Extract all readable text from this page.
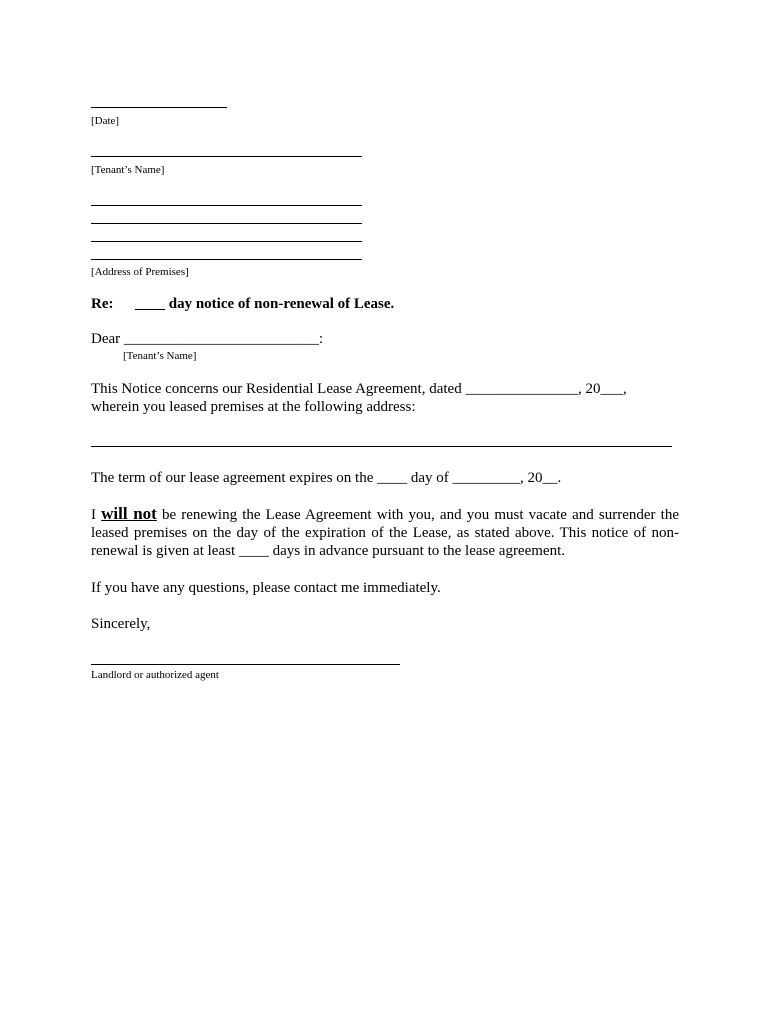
[Date]
[Tenant’s Name]
[Address of Premises]
Re: ____ day notice of non-renewal of Lease.
Dear __________________________:
[Tenant’s Name]
This Notice concerns our Residential Lease Agreement, dated _______________, 20___,
wherein you leased premises at the following address:
The term of our lease agreement expires on the ____ day of _________, 20__.
I will not be renewing the Lease Agreement with you, and you must vacate and surrender the leased premises on the day of the expiration of the Lease, as stated above. This notice of non-renewal is given at least ____ days in advance pursuant to the lease agreement.
If you have any questions, please contact me immediately.
Sincerely,
Landlord or authorized agent
